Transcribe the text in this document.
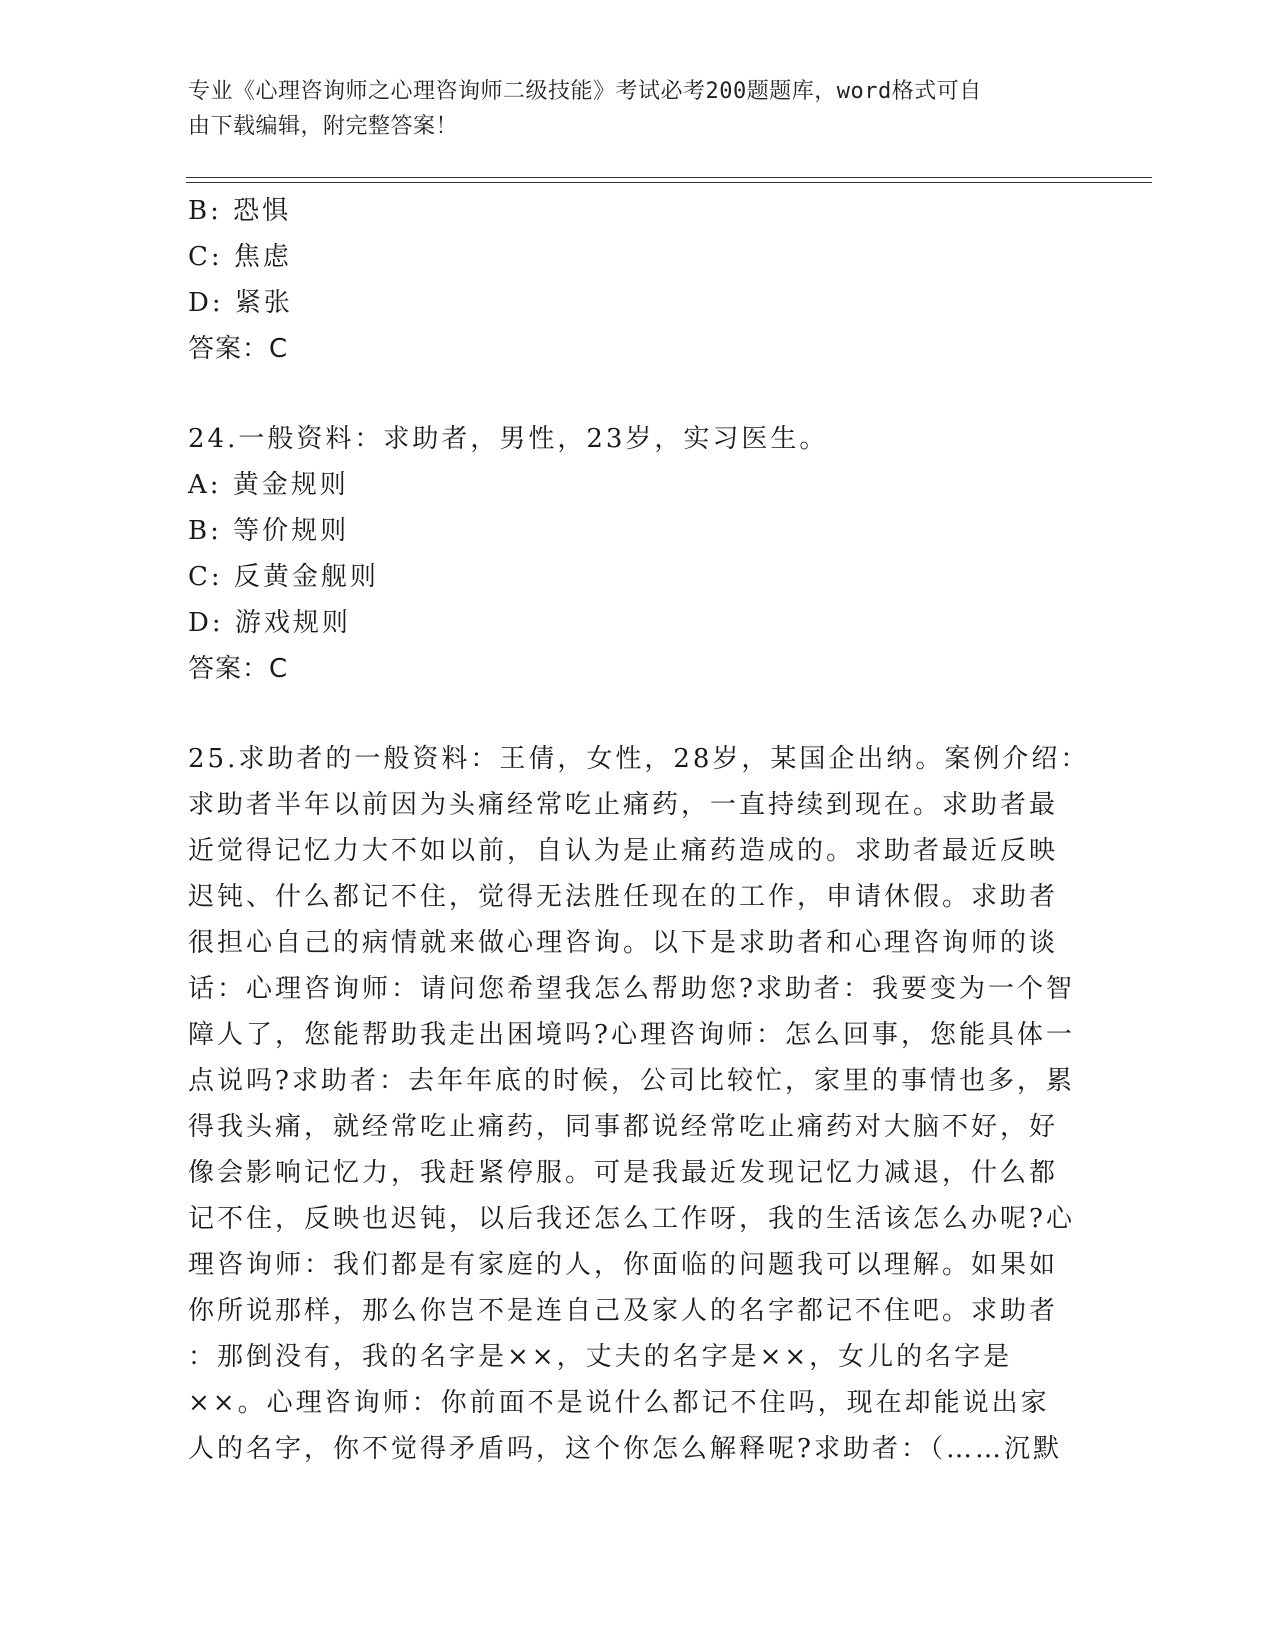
专业《心理咨询师之心理咨询师二级技能》考试必考200题题库，word格式可自
由下载编辑，附完整答案！
B: 恐惧
C: 焦虑
D: 紧张
答案：C
24.一般资料：求助者，男性，23岁，实习医生。
A: 黄金规则
B: 等价规则
C: 反黄金舰则
D: 游戏规则
答案：C
25.求助者的一般资料：王倩，女性，28岁，某国企出纳。案例介绍：
求助者半年以前因为头痛经常吃止痛药，一直持续到现在。求助者最
近觉得记忆力大不如以前，自认为是止痛药造成的。求助者最近反映
迟钝、什么都记不住，觉得无法胜任现在的工作，申请休假。求助者
很担心自己的病情就来做心理咨询。以下是求助者和心理咨询师的谈
话：心理咨询师：请问您希望我怎么帮助您?求助者：我要变为一个智
障人了，您能帮助我走出困境吗?心理咨询师：怎么回事，您能具体一
点说吗?求助者：去年年底的时候，公司比较忙，家里的事情也多，累
得我头痛，就经常吃止痛药，同事都说经常吃止痛药对大脑不好，好
像会影响记忆力，我赶紧停服。可是我最近发现记忆力减退，什么都
记不住，反映也迟钝，以后我还怎么工作呀，我的生活该怎么办呢?心
理咨询师：我们都是有家庭的人，你面临的问题我可以理解。如果如
你所说那样，那么你岂不是连自己及家人的名字都记不住吧。求助者
：那倒没有，我的名字是××，丈夫的名字是××，女儿的名字是
××。心理咨询师：你前面不是说什么都记不住吗，现在却能说出家
人的名字，你不觉得矛盾吗，这个你怎么解释呢?求助者：（……沉默
